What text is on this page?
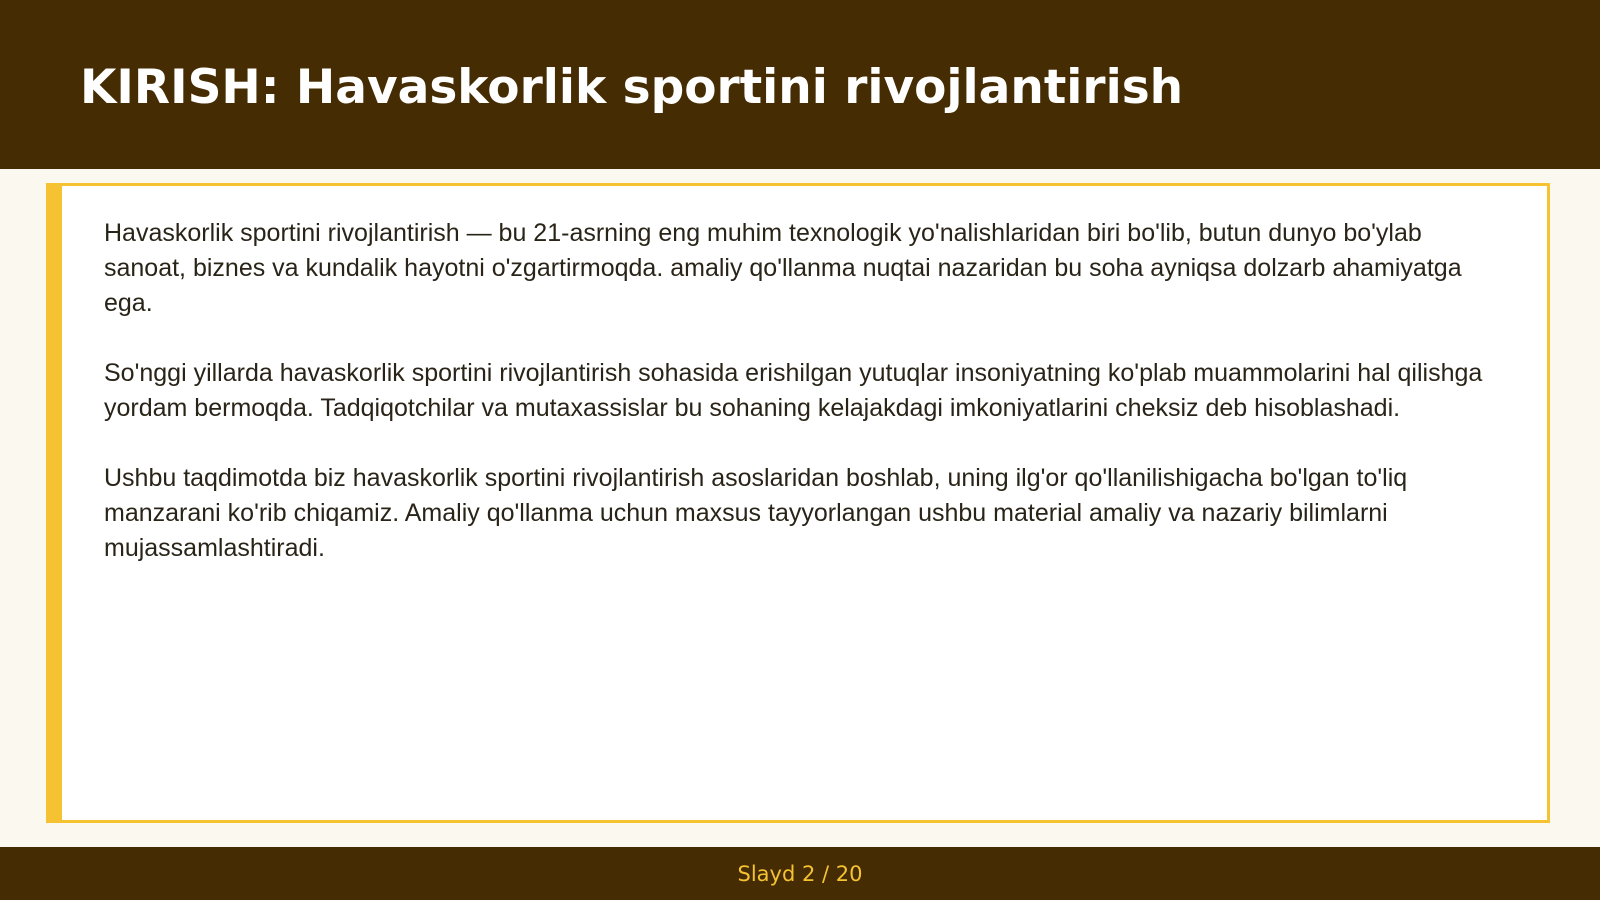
KIRISH: Havaskorlik sportini rivojlantirish

Havaskorlik sportini rivojlantirish — bu 21-asrning eng muhim texnologik yo'nalishlaridan biri bo'lib, butun dunyo bo'ylab sanoat, biznes va kundalik hayotni o'zgartirmoqda. amaliy qo'llanma nuqtai nazaridan bu soha ayniqsa dolzarb ahamiyatga ega.

So'nggi yillarda havaskorlik sportini rivojlantirish sohasida erishilgan yutuqlar insoniyatning ko'plab muammolarini hal qilishga yordam bermoqda. Tadqiqotchilar va mutaxassislar bu sohaning kelajakdagi imkoniyatlarini cheksiz deb hisoblashadi.

Ushbu taqdimotda biz havaskorlik sportini rivojlantirish asoslaridan boshlab, uning ilg'or qo'llanilishigacha bo'lgan to'liq manzarani ko'rib chiqamiz. Amaliy qo'llanma uchun maxsus tayyorlangan ushbu material amaliy va nazariy bilimlarni mujassamlashtiradi.

Slayd 2 / 20
